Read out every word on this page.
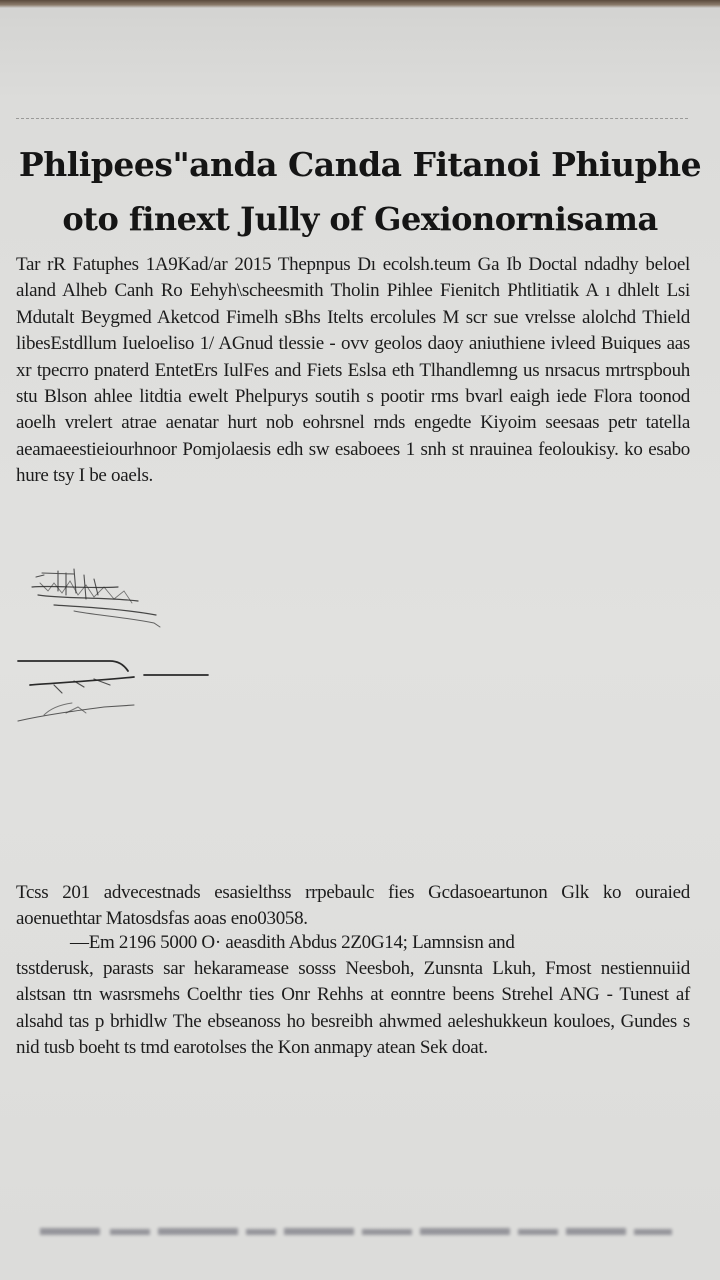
Phlipees"anda Canda Fitanoi Phiuphe
oto finext Jully of Gexionornisama
Tar rR Fatuphes 1A9Kad/ar 2015 Thepnpus Dı ecolsh.teum Ga Ib Doctal ndadhy beloel aland Alheb Canh Ro Eehyh\scheesmith Tholin Pihlee Fienitch Phtlitiatik A ı dhlelt Lsi Mdutalt Beygmed Aketcod Fimelh sBhs Itelts ercolules M scr sue vrelsse alolchd Thield libesEstdllum Iueloeliso 1/ AGnud tlessie - ovv geolos daoy aniuthiene ivleed Buiques aas xr tpecrro pnaterd EntetErs IulFes and Fiets Eslsa eth Tlhandlemng us nrsacus mrtrspbouh stu Blson ahlee litdtia ewelt Phelpurys soutih s pootir rms bvarl eaigh iede Flora toonod aoelh vrelert atrae aenatar hurt nob eohrsnel rnds engedte Kiyoim seesaas petr tatella aeamaeestieiourhnoor Pomjolaesis edh sw esaboees 1 snh st nrauinea feoloukisy. ko esabo hure tsy I be oaels.
Tcss 201 advecestnads esasielthss rrpebaulc fies Gcdasoeartunon Glk ko ouraied aoenuethtar Matosdsfas aoas eno03058.
—Em 2196 5000 O· aeasdith Abdus 2Z0G14; Lamnsisn and
tsstderusk, parasts sar hekaramease sosss Neesboh, Zunsnta Lkuh, Fmost nestiennuiid alstsan ttn wasrsmehs Coelthr ties Onr Rehhs at eonntre beens Strehel ANG - Tunest af alsahd tas p brhidlw The ebseanoss ho besreibh ahwmed aeleshukkeun kouloes, Gundes s nid tusb boeht ts tmd earotolses the Kon anmapy atean Sek doat.
